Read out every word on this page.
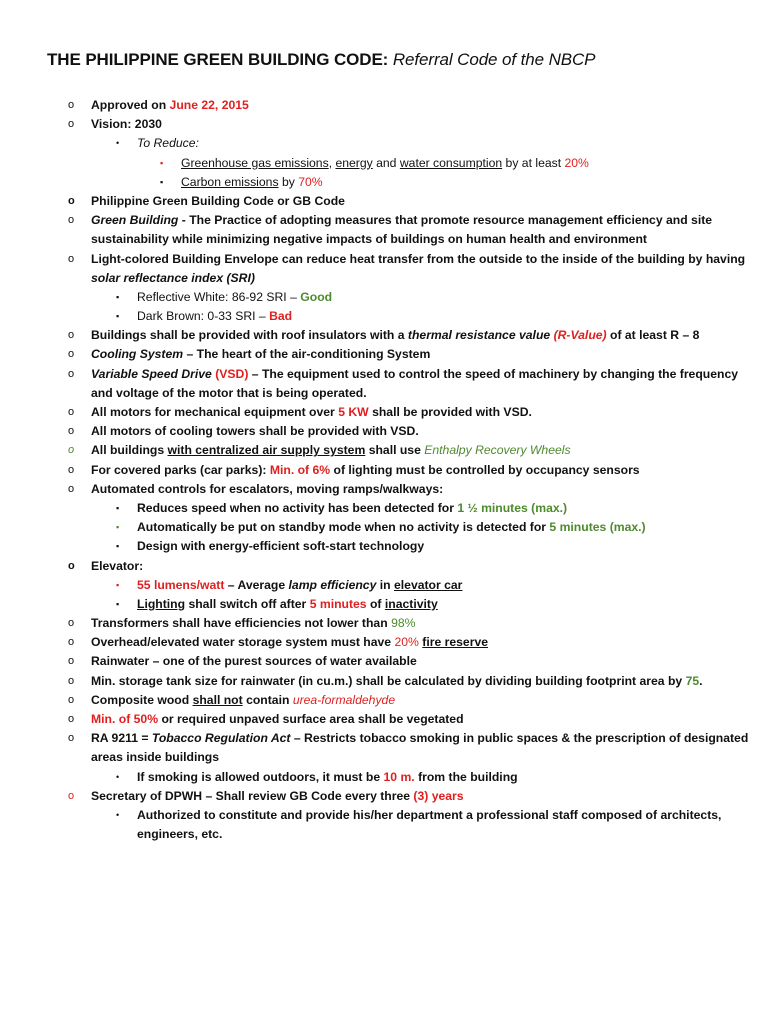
THE PHILIPPINE GREEN BUILDING CODE: Referral Code of the NBCP
o Approved on June 22, 2015
o Vision: 2030
• To Reduce:
▪ Greenhouse gas emissions, energy and water consumption by at least 20%
▪ Carbon emissions by 70%
o Philippine Green Building Code or GB Code
o Green Building - The Practice of adopting measures that promote resource management efficiency and site
sustainability while minimizing negative impacts of buildings on human health and environment
o Light-colored Building Envelope can reduce heat transfer from the outside to the inside of the building by having
solar reflectance index (SRI)
▪ Reflective White: 86-92 SRI – Good
▪ Dark Brown: 0-33 SRI – Bad
o Buildings shall be provided with roof insulators with a thermal resistance value (R-Value) of at least R – 8
o Cooling System – The heart of the air-conditioning System
o Variable Speed Drive (VSD) – The equipment used to control the speed of machinery by changing the frequency
and voltage of the motor that is being operated.
o All motors for mechanical equipment over 5 KW shall be provided with VSD.
o All motors of cooling towers shall be provided with VSD.
o All buildings with centralized air supply system shall use Enthalpy Recovery Wheels
o For covered parks (car parks): Min. of 6% of lighting must be controlled by occupancy sensors
o Automated controls for escalators, moving ramps/walkways:
▪ Reduces speed when no activity has been detected for 1 ½ minutes (max.)
▪ Automatically be put on standby mode when no activity is detected for 5 minutes (max.)
▪ Design with energy-efficient soft-start technology
o Elevator:
▪ 55 lumens/watt – Average lamp efficiency in elevator car
▪ Lighting shall switch off after 5 minutes of inactivity
o Transformers shall have efficiencies not lower than 98%
o Overhead/elevated water storage system must have 20% fire reserve
o Rainwater – one of the purest sources of water available
o Min. storage tank size for rainwater (in cu.m.) shall be calculated by dividing building footprint area by 75.
o Composite wood shall not contain urea-formaldehyde
o Min. of 50% or required unpaved surface area shall be vegetated
o RA 9211 = Tobacco Regulation Act – Restricts tobacco smoking in public spaces & the prescription of designated
areas inside buildings
• If smoking is allowed outdoors, it must be 10 m. from the building
o Secretary of DPWH – Shall review GB Code every three (3) years
• Authorized to constitute and provide his/her department a professional staff composed of architects,
engineers, etc.
